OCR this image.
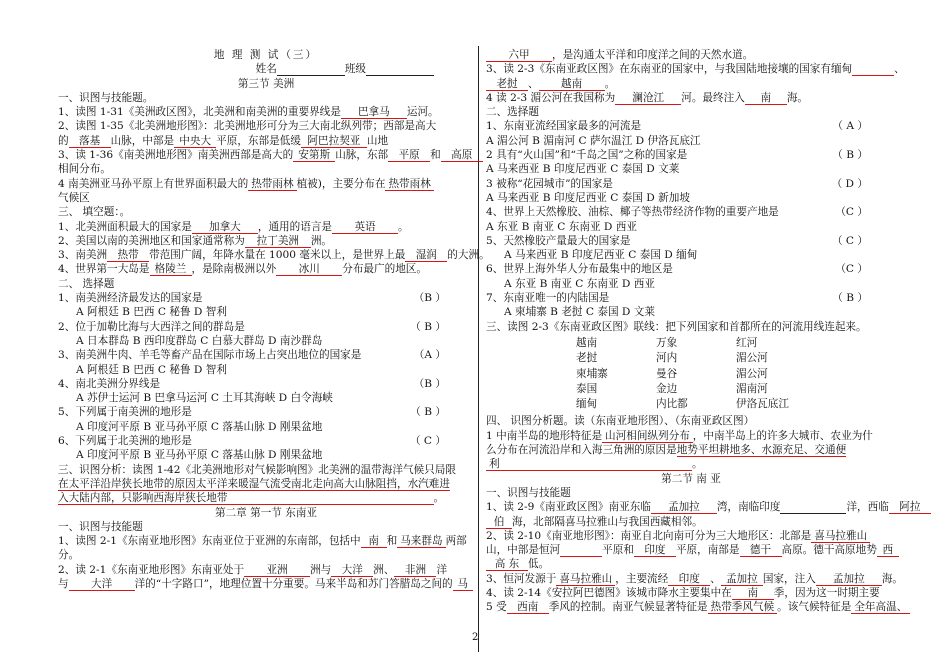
地 理 测 试（三）
姓名	班级
第三节 美洲
一、识图与技能题。
1、读图 1-31《美洲政区图》，北美洲和南美洲的重要界线是 巴拿马 运河。
2、读图 1-35《北美洲地形图》：北美洲地形可分为三大南北纵列带；西部是高大
的 落基 山脉，中部是 中央大 平原，东部是低缓 阿巴拉契亚 山地
3、读 1-36《南美洲地形图》南美洲西部是高大的 安第斯 山脉，东部 平原 和 高原
相间分布。
4 南美洲亚马孙平原上有世界面积最大的 热带雨林 植被)，主要分布在 热带雨林
气候区
三、 填空题：。
1、北美洲面积最大的国家是 加拿大 ，通用的语言是 英语 。
2、美国以南的美洲地区和国家通常称为 拉丁美洲 洲。
3、南美洲 热带 带范围广阔，年降水量在 1000 毫米以上，是世界上最 湿润 的大洲。
4、世界第一大岛是 格陵兰 ，是除南极洲以外 冰川 分布最广的地区。
二、 选择题
1、南美洲经济最发达的国家是	（B ）
A 阿根廷 B 巴西 C 秘鲁 D 智利
2、位于加勒比海与大西洋之间的群岛是	（ B ）
A 日本群岛 B 西印度群岛 C 白慕大群岛 D 南沙群岛
3、南美洲牛肉、羊毛等畜产品在国际市场上占突出地位的国家是	（A ）
A 阿根廷 B 巴西 C 秘鲁 D 智利
4、南北美洲分界线是	（B ）
A 苏伊士运河 B 巴拿马运河 C 土耳其海峡 D 白令海峡
5、下列属于南美洲的地形是	（ B ）
A 印度河平原 B 亚马孙平原 C 落基山脉 D 刚果盆地
6、下列属于北美洲的地形是	（ C ）
A 印度河平原 B 亚马孙平原 C 落基山脉 D 刚果盆地
三、识图分析：读图 1-42《北美洲地形对气候影响图》北美洲的温带海洋气候只局限
在太平洋沿岸狭长地带的原因太平洋来暖湿气流受南北走向高大山脉阻挡，水汽难进
入大陆内部，只影响西海岸狭长地带	。
第二章 第一节 东南亚
一、识图与技能题
1、读图 2-1《东南亚地形图》东南亚位于亚洲的东南部，包括中 南 和 马来群岛 两部
分。
2、读 2-1《东南亚地形图》东南亚处于 亚洲 洲与 大洋 洲、 非洲 洋
与 大洋 洋的“十字路口”，地理位置十分重要。马来半岛和苏门答腊岛之间的 马
六甲 ，是沟通太平洋和印度洋之间的天然水道。
3、读 2-3《东南亚政区图》在东南亚的国家中，与我国陆地接壤的国家有缅甸	、
老挝 、 越南 。
4 读 2-3 湄公河在我国称为 澜沧江 河。最终注入 南 海。
二、选择题
1、东南亚流经国家最多的河流是	（ A ）
A 湄公河 B 湄南河 C 萨尔温江 D 伊洛瓦底江
2 具有“火山国”和“千岛之国”之称的国家是	（ B ）
A 马来西亚 B 印度尼西亚 C 泰国 D 文莱
3 被称“花园城市”的国家是	（ D ）
A 马来西亚 B 印度尼西亚 C 泰国 D 新加坡
4、世界上天然橡胶、油棕、椰子等热带经济作物的重要产地是	（C ）
A 东亚 B 南亚 C 东南亚 D 西亚
5、天然橡胶产量最大的国家是	（ C ）
A 马来西亚 B 印度尼西亚 C 泰国 D 缅甸
6、世界上海外华人分布最集中的地区是	（C ）
A 东亚 B 南亚 C 东南亚 D 西亚
7、东南亚唯一的内陆国是	（ B ）
A 柬埔寨 B 老挝 C 泰国 D 文莱
三、读图 2-3《东南亚政区图》联线：把下列国家和首都所在的河流用线连起来。
越南	万象	红河
老挝	河内	湄公河
柬埔寨	曼谷	湄公河
泰国	金边	湄南河
缅甸	内比都	伊洛瓦底江
四、 识图分析题。读（东南亚地形图）、（东南亚政区图）
1 中南半岛的地形特征是 山河相间纵列分布 ，中南半岛上的许多大城市、农业为什
么分布在河流沿岸和入海三角洲的原因是地势平坦耕地多、水源充足、交通便
利	。
第二节 南 亚
一、识图与技能题
1、读 2-9《南亚政区图》南亚东临 孟加拉 湾，南临印度	洋，西临 阿拉
伯 海，北部隔喜马拉雅山与我国西藏相邻。
2、读 2-10《南亚地形图》：南亚自北向南可分为三大地形区：北部是 喜马拉雅山
山，中部是恒河	平原和 印度 平原，南部是 德干 高原。德干高原地势 西
高 东 低。
3、恒河发源于 喜马拉雅山 ，主要流经 印度 、 孟加拉 国家，注入 孟加拉 海。
4、读 2-14《安拉阿巴德图》该城市降水主要集中在 南 季，因为这一时期主要
5 受 西南 季风的控制。南亚气候显著特征是 热带季风气候 。该气候特征是 全年高温、
2
